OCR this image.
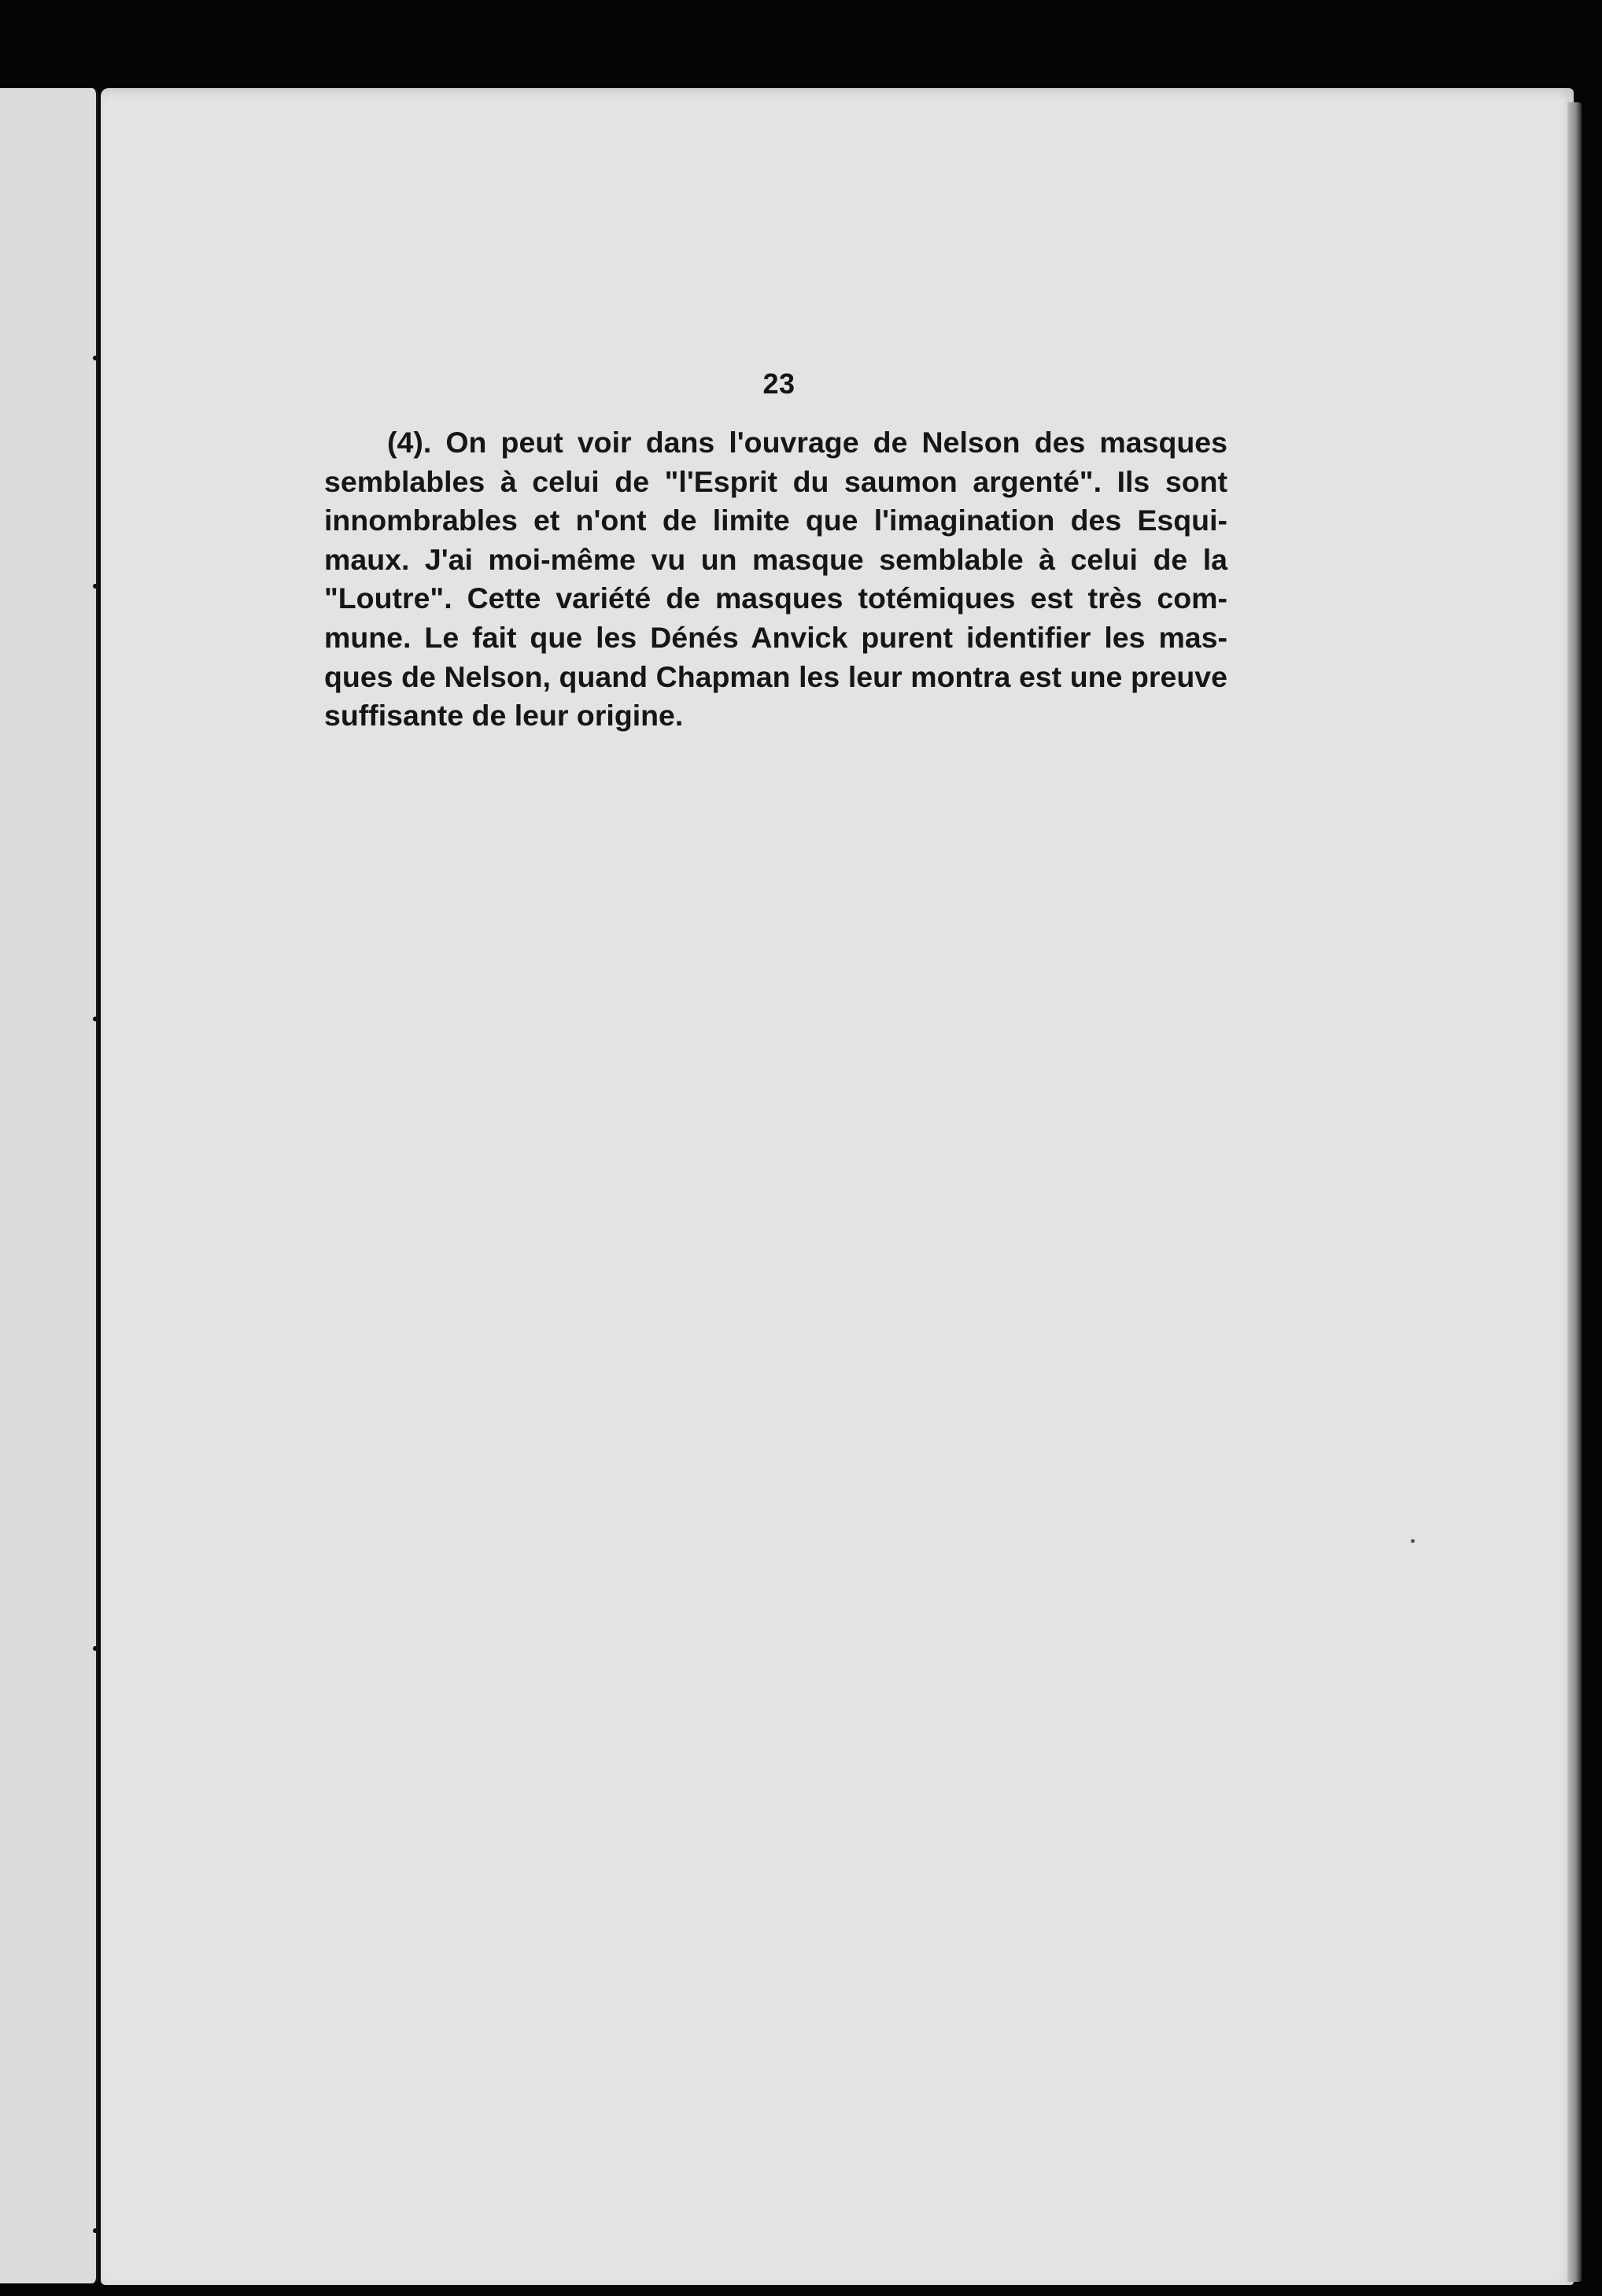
23
(4). On peut voir dans l'ouvrage de Nelson des masques
semblables à celui de "l'Esprit du saumon argenté". Ils sont
innombrables et n'ont de limite que l'imagination des Esqui-
maux. J'ai moi-même vu un masque semblable à celui de la
"Loutre". Cette variété de masques totémiques est très com-
mune. Le fait que les Dénés Anvick purent identifier les mas-
ques de Nelson, quand Chapman les leur montra est une preuve
suffisante de leur origine.
